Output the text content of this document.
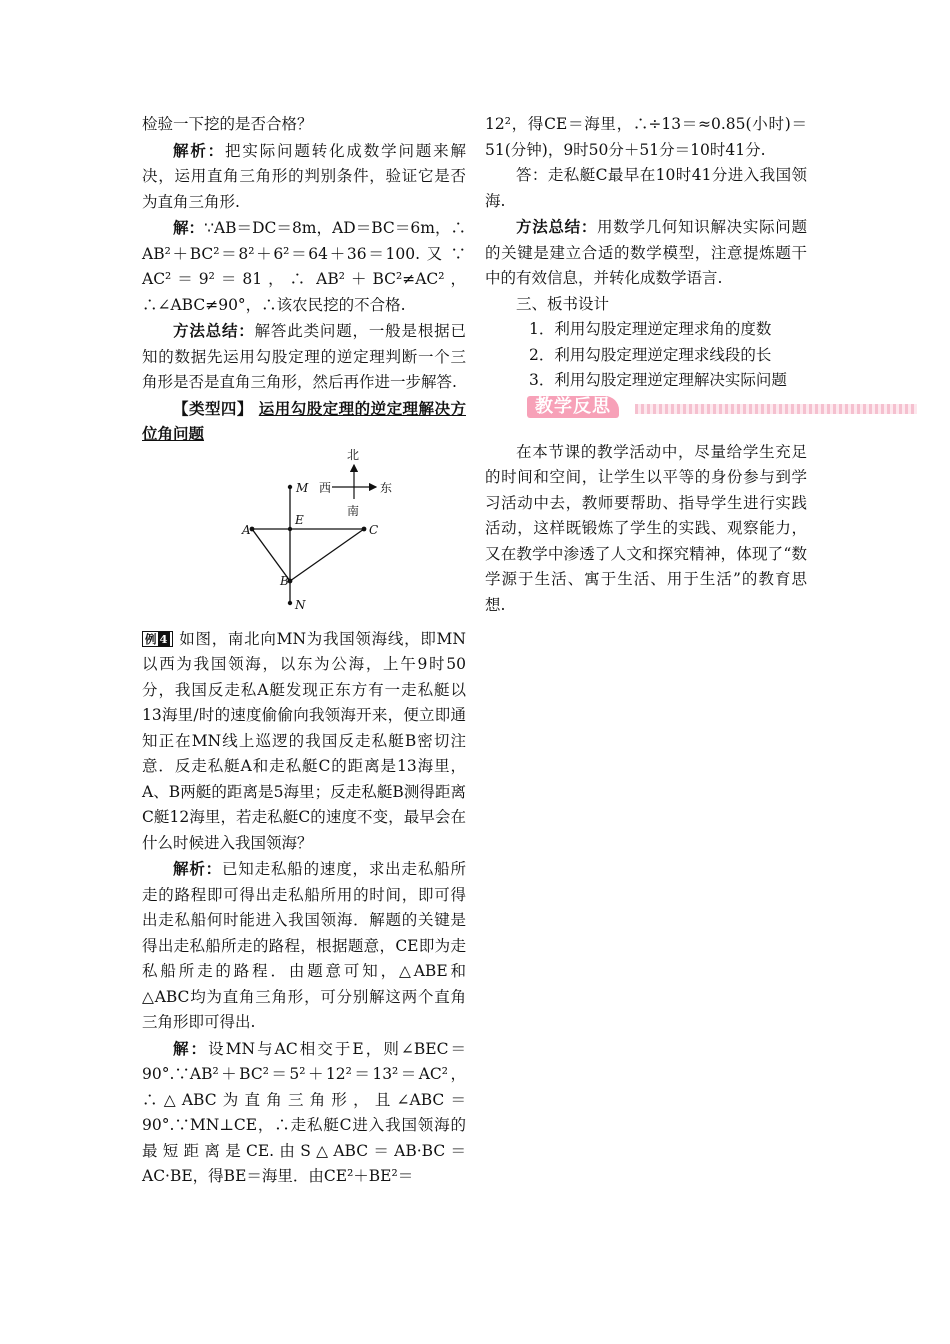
检验一下挖的是否合格？

解析：把实际问题转化成数学问题来解决，运用直角三角形的判别条件，验证它是否为直角三角形.

解：∵AB＝DC＝8m，AD＝BC＝6m，∴ AB²＋BC²＝8²＋6²＝64＋36＝100. 又 ∵ AC²＝9²＝81，∴ AB²＋BC²≠AC²，∴∠ABC≠90°，∴该农民挖的不合格.

方法总结：解答此类问题，一般是根据已知的数据先运用勾股定理的逆定理判断一个三角形是否是直角三角形，然后再作进一步解答.

【类型四】 运用勾股定理的逆定理解决方位角问题

北
西	东
南
M
E
A	C
B
N

例 4 如图，南北向MN为我国领海线，即MN以西为我国领海，以东为公海，上午9时50分，我国反走私A艇发现正东方有一走私艇以13海里/时的速度偷偷向我领海开来，便立即通知正在MN线上巡逻的我国反走私艇B密切注意．反走私艇A和走私艇C的距离是13海里，A、B两艇的距离是5海里；反走私艇B测得距离C艇12海里，若走私艇C的速度不变，最早会在什么时候进入我国领海？

解析：已知走私船的速度，求出走私船所走的路程即可得出走私船所用的时间，即可得出走私船何时能进入我国领海．解题的关键是得出走私船所走的路程，根据题意，CE即为走私船所走的路程．由题意可知，△ABE和△ABC均为直角三角形，可分别解这两个直角三角形即可得出.

解：设MN与AC相交于E，则∠BEC＝90°.∵AB²＋BC²＝5²＋12²＝13²＝AC²，∴△ABC为直角三角形，且∠ABC＝90°.∵MN⊥CE，∴走私艇C进入我国领海的最短距离是CE.由S△ABC＝AB·BC＝AC·BE，得BE＝海里．由CE²＋BE²＝

12²，得CE＝海里，∴÷13＝≈0.85(小时)＝51(分钟)，9时50分＋51分＝10时41分.

答：走私艇C最早在10时41分进入我国领海.

方法总结：用数学几何知识解决实际问题的关键是建立合适的数学模型，注意提炼题干中的有效信息，并转化成数学语言.

三、板书设计

1．利用勾股定理逆定理求角的度数

2．利用勾股定理逆定理求线段的长

3．利用勾股定理逆定理解决实际问题

教学反思

在本节课的教学活动中，尽量给学生充足的时间和空间，让学生以平等的身份参与到学习活动中去，教师要帮助、指导学生进行实践活动，这样既锻炼了学生的实践、观察能力，又在教学中渗透了人文和探究精神，体现了“数学源于生活、寓于生活、用于生活”的教育思想.
